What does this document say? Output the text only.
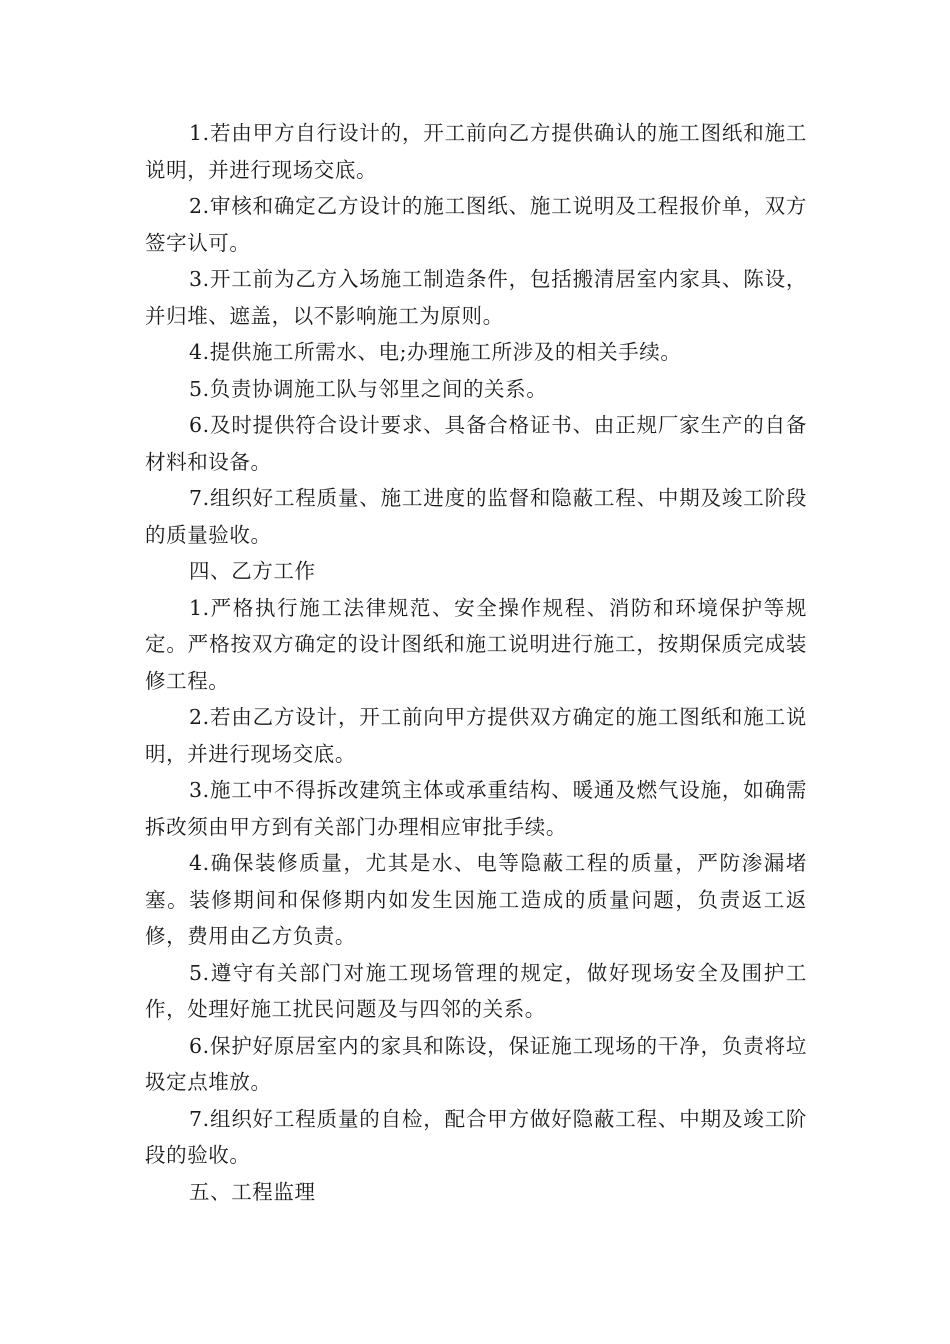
1.若由甲方自行设计的，开工前向乙方提供确认的施工图纸和施工说明，并进行现场交底。

2.审核和确定乙方设计的施工图纸、施工说明及工程报价单，双方签字认可。

3.开工前为乙方入场施工制造条件，包括搬清居室内家具、陈设，并归堆、遮盖，以不影响施工为原则。

4.提供施工所需水、电;办理施工所涉及的相关手续。

5.负责协调施工队与邻里之间的关系。

6.及时提供符合设计要求、具备合格证书、由正规厂家生产的自备材料和设备。

7.组织好工程质量、施工进度的监督和隐蔽工程、中期及竣工阶段的质量验收。

四、乙方工作

1.严格执行施工法律规范、安全操作规程、消防和环境保护等规定。严格按双方确定的设计图纸和施工说明进行施工，按期保质完成装修工程。

2.若由乙方设计，开工前向甲方提供双方确定的施工图纸和施工说明，并进行现场交底。

3.施工中不得拆改建筑主体或承重结构、暖通及燃气设施，如确需拆改须由甲方到有关部门办理相应审批手续。

4.确保装修质量，尤其是水、电等隐蔽工程的质量，严防渗漏堵塞。装修期间和保修期内如发生因施工造成的质量问题，负责返工返修，费用由乙方负责。

5.遵守有关部门对施工现场管理的规定，做好现场安全及围护工作，处理好施工扰民问题及与四邻的关系。

6.保护好原居室内的家具和陈设，保证施工现场的干净，负责将垃圾定点堆放。

7.组织好工程质量的自检，配合甲方做好隐蔽工程、中期及竣工阶段的验收。

五、工程监理
